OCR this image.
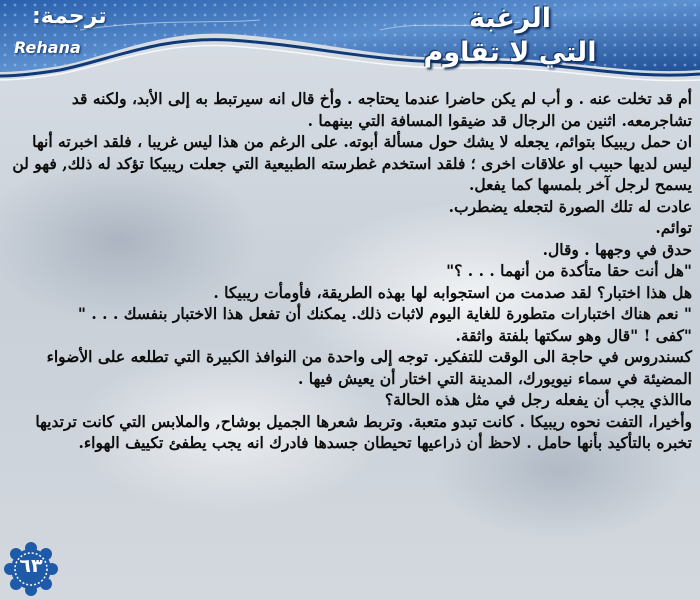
ترجمة:
Rehana
الرغبة
التي لا تقاوم

أم قد تخلت عنه . و أب لم يكن حاضرا عندما يحتاجه . وأخ قال انه سيرتبط به إلى الأبد، ولكنه قد تشاجرمعه. اثنين من الرجال قد ضيقوا المسافة التي بينهما .

ان حمل ريبيكا بتوائم، يجعله لا يشك حول مسألة أبوته. على الرغم من هذا ليس غريبا ، فلقد اخبرته أنها ليس لديها حبيب او علاقات اخرى ؛ فلقد استخدم غطرسته الطبيعية التي جعلت ريبيكا تؤكد له ذلك, فهو لن يسمح لرجل آخر بلمسها كما يفعل.

عادت له تلك الصورة لتجعله يضطرب.

توائم.

حدق في وجهها . وقال.

"هل أنت حقا متأكدة من أنهما . . . ؟"

هل هذا اختبار؟ لقد صدمت من استجوابه لها بهذه الطريقة، فأومأت ريبيكا .

" نعم هناك اختبارات متطورة للغاية اليوم لاثبات ذلك. يمكنك أن تفعل هذا الاختبار بنفسك . . . "

"كفى ! "قال وهو سكتها بلفتة واثقة.

كسندروس في حاجة الى الوقت للتفكير. توجه إلى واحدة من النوافذ الكبيرة التي تطلعه على الأضواء المضيئة في سماء نيويورك، المدينة التي اختار أن يعيش فيها .

ماالذي يجب أن يفعله رجل في مثل هذه الحالة؟

وأخيرا، التفت نحوه ريبيكا . كانت تبدو متعبة. وتربط شعرها الجميل بوشاح, والملابس التي كانت ترتديها تخبره بالتأكيد بأنها حامل . لاحظ أن ذراعيها تحيطان جسدها فادرك انه يجب يطفئ تكييف الهواء.

٦٣
